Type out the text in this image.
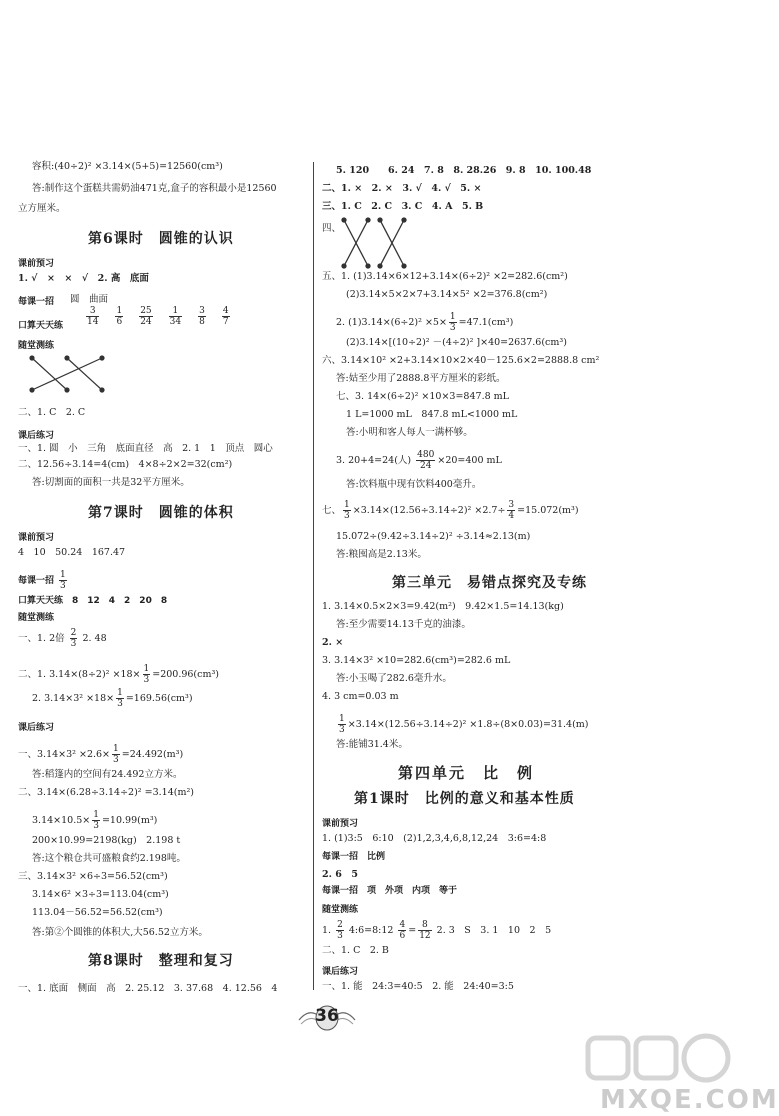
容积:(40÷2)² ×3.14×(5+5)=12560(cm³)
答:制作这个蛋糕共需奶油471克,盒子的容积最小是12560
立方厘米。
第6课时　圆锥的认识
课前预习
1. √　×　×　√　2. 高　底面
每课一招 圆　曲面
口算天天练	$\frac{3}{14} \frac{1}{6} \frac{25}{24} \frac{1}{34} \frac{3}{8} \frac{4}{7}$
随堂测练
二、1. C　2. C
课后练习
一、1. 圆　小　三角　底面直径　高　2. 1　1　顶点　圆心
二、12.56÷3.14=4(cm)　4×8÷2×2=32(cm²)
答:切割面的面积一共是32平方厘米。
第7课时　圆锥的体积
课前预习
4　10　50.24　167.47
每课一招 $\frac{1}{3}$
口算天天练　8　12　4　2　20　8
随堂测练
一、1. 2倍 $\frac{2}{3} 2$. 48
二、1. $3.14\times(8\div 2)^2 \times 18\times \frac{1}{3} =200.96(cm^3)$
2. $3.14\times 3^2 \times 18\times \frac{1}{3} =169.56(cm^3)$
课后练习
一、$3.14\times 3^2 \times 2.6\times \frac{1}{3} =24.492(m^3)$
答:稻篷内的空间有24.492立方米。
二、3.14×(6.28÷3.14÷2)² =3.14(m²)
$3.14\times 10.5\times \frac{1}{3} =10.99(m^3)$
200×10.99=2198(kg)　2.198 t
答:这个粮仓共可盛粮食约2.198吨。
三、3.14×3² ×6÷3=56.52(cm³)
3.14×6² ×3÷3=113.04(cm³)
113.04－56.52=56.52(cm³)
答:第②个圆锥的体积大,大56.52立方米。
第8课时　整理和复习
一、1. 底面　侧面　高　2. 25.12　3. 37.68　4. 12.56　4
5. 120　　6. 24　7. 8　8. 28.26　9. 8　10. 100.48
二、1. ×　2. ×　3. √　4. √　5. ×
三、1. C　2. C　3. C　4. A　5. B
四、
五、1. (1)3.14×6×12+3.14×(6÷2)² ×2=282.6(cm²)
(2)3.14×5×2×7+3.14×5² ×2=376.8(cm²)
2. $(1)3.14\times(6\div 2)^2 \times 5\times \frac{1}{3} =47.1(cm^3)$
(2)3.14×[(10÷2)² －(4÷2)² ]×40=2637.6(cm³)
六、3.14×10² ×2+3.14×10×2×40－125.6×2=2888.8 cm²
答:姑至少用了2888.8平方厘米的彩纸。
七、3. 14×(6÷2)² ×10×3=847.8 mL
1 L=1000 mL　847.8 mL<1000 mL
答:小明和客人每人一满杯够。
3. 20+4=24(人) $\frac{480}{24} \times 20=400$ mL
答:饮料瓶中现有饮料400毫升。
七、 $\frac{1}{3} \times 3.14\times(12.56\div 3.14\div 2)^2 \times 2.7\div \frac{3}{4} =15.072(m^3)$
15.072÷(9.42÷3.14÷2)² ÷3.14≈2.13(m)
答:粮囤高是2.13米。
第三单元　易错点探究及专练
1. 3.14×0.5×2×3=9.42(m²)　9.42×1.5=14.13(kg)
答:至少需要14.13千克的油漆。
2. ×
3. 3.14×3² ×10=282.6(cm³)=282.6 mL
答:小玉喝了282.6毫升水。
4. 3 cm=0.03 m
$\frac{1}{3} \times 3.14\times(12.56\div 3.14\div 2)^2 \times 1.8\div(8\times 0.03)=31.4(m)$
答:能铺31.4米。
第四单元　比　例
第1课时　比例的意义和基本性质
课前预习
1. (1)3:5　6:10　(2)1,2,3,4,6,8,12,24　3:6=4:8
每课一招　比例
2. 6　5
每课一招　项　外项　内项　等于
随堂测练
1. $\frac{2}{3}$ 4:6=8:12 $\frac{4}{6} = \frac{8}{12} 2$. 3　S　3. 1　10　2　5
二、1. C　2. B
课后练习
一、1. 能　24:3=40:5　2. 能　24:40=3:5
36
MXQE.COM
